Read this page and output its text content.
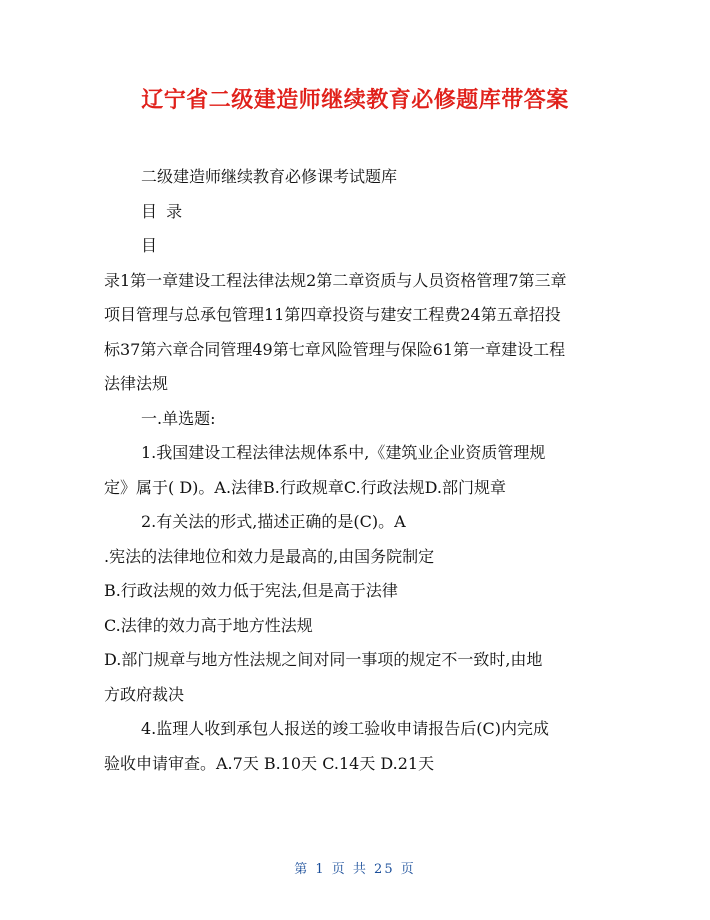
辽宁省二级建造师继续教育必修题库带答案
二级建造师继续教育必修课考试题库
目 录
目
录1第一章建设工程法律法规2第二章资质与人员资格管理7第三章
项目管理与总承包管理11第四章投资与建安工程费24第五章招投
标37第六章合同管理49第七章风险管理与保险61第一章建设工程
法律法规
一.单选题:
1.我国建设工程法律法规体系中,《建筑业企业资质管理规
定》属于( D)。A.法律B.行政规章C.行政法规D.部门规章
2.有关法的形式,描述正确的是(C)。A
.宪法的法律地位和效力是最高的,由国务院制定
B.行政法规的效力低于宪法,但是高于法律
C.法律的效力高于地方性法规
D.部门规章与地方性法规之间对同一事项的规定不一致时,由地
方政府裁决
4.监理人收到承包人报送的竣工验收申请报告后(C)内完成
验收申请审查。A.7天 B.10天 C.14天 D.21天
第 1 页 共 25 页
